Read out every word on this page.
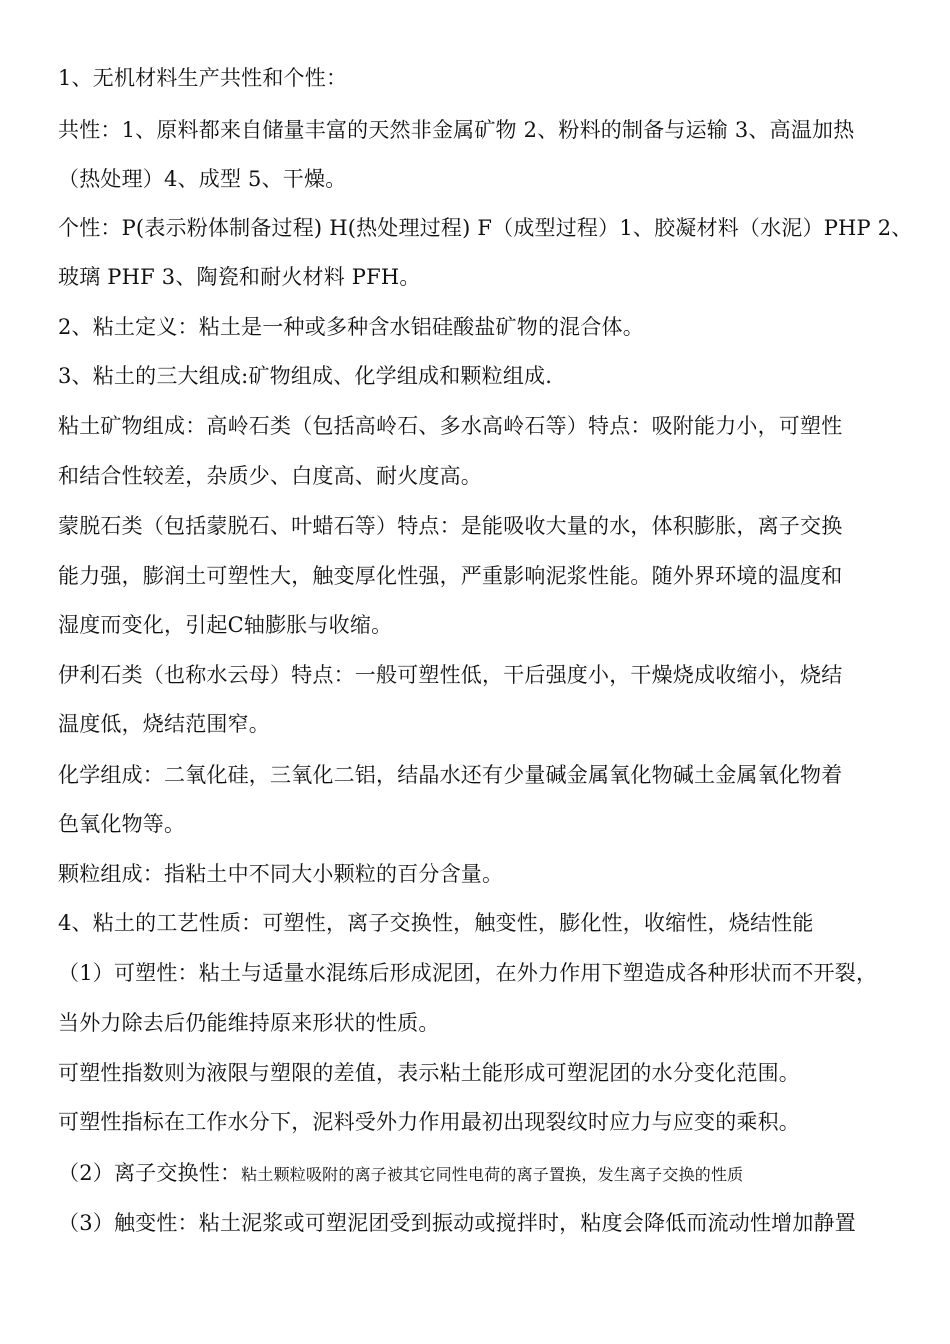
1、无机材料生产共性和个性：
共性：1、原料都来自储量丰富的天然非金属矿物 2、粉料的制备与运输 3、高温加热
（热处理）4、成型 5、干燥。
个性：P(表示粉体制备过程) H(热处理过程) F（成型过程）1、胶凝材料（水泥）PHP 2、
玻璃 PHF 3、陶瓷和耐火材料 PFH。
2、粘土定义：粘土是一种或多种含水铝硅酸盐矿物的混合体。
3、粘土的三大组成:矿物组成、化学组成和颗粒组成.
粘土矿物组成：高岭石类（包括高岭石、多水高岭石等）特点：吸附能力小，可塑性
和结合性较差，杂质少、白度高、耐火度高。
蒙脱石类（包括蒙脱石、叶蜡石等）特点：是能吸收大量的水，体积膨胀，离子交换
能力强，膨润土可塑性大，触变厚化性强，严重影响泥浆性能。随外界环境的温度和
湿度而变化，引起C轴膨胀与收缩。
伊利石类（也称水云母）特点：一般可塑性低，干后强度小，干燥烧成收缩小，烧结
温度低，烧结范围窄。
化学组成：二氧化硅，三氧化二铝，结晶水还有少量碱金属氧化物碱土金属氧化物着
色氧化物等。
颗粒组成：指粘土中不同大小颗粒的百分含量。
4、粘土的工艺性质：可塑性，离子交换性，触变性，膨化性，收缩性，烧结性能
（1）可塑性：粘土与适量水混练后形成泥团，在外力作用下塑造成各种形状而不开裂，
当外力除去后仍能维持原来形状的性质。
可塑性指数则为液限与塑限的差值，表示粘土能形成可塑泥团的水分变化范围。
可塑性指标在工作水分下，泥料受外力作用最初出现裂纹时应力与应变的乘积。
（2）离子交换性：粘土颗粒吸附的离子被其它同性电荷的离子置换，发生离子交换的性质
（3）触变性：粘土泥浆或可塑泥团受到振动或搅拌时，粘度会降低而流动性增加静置
